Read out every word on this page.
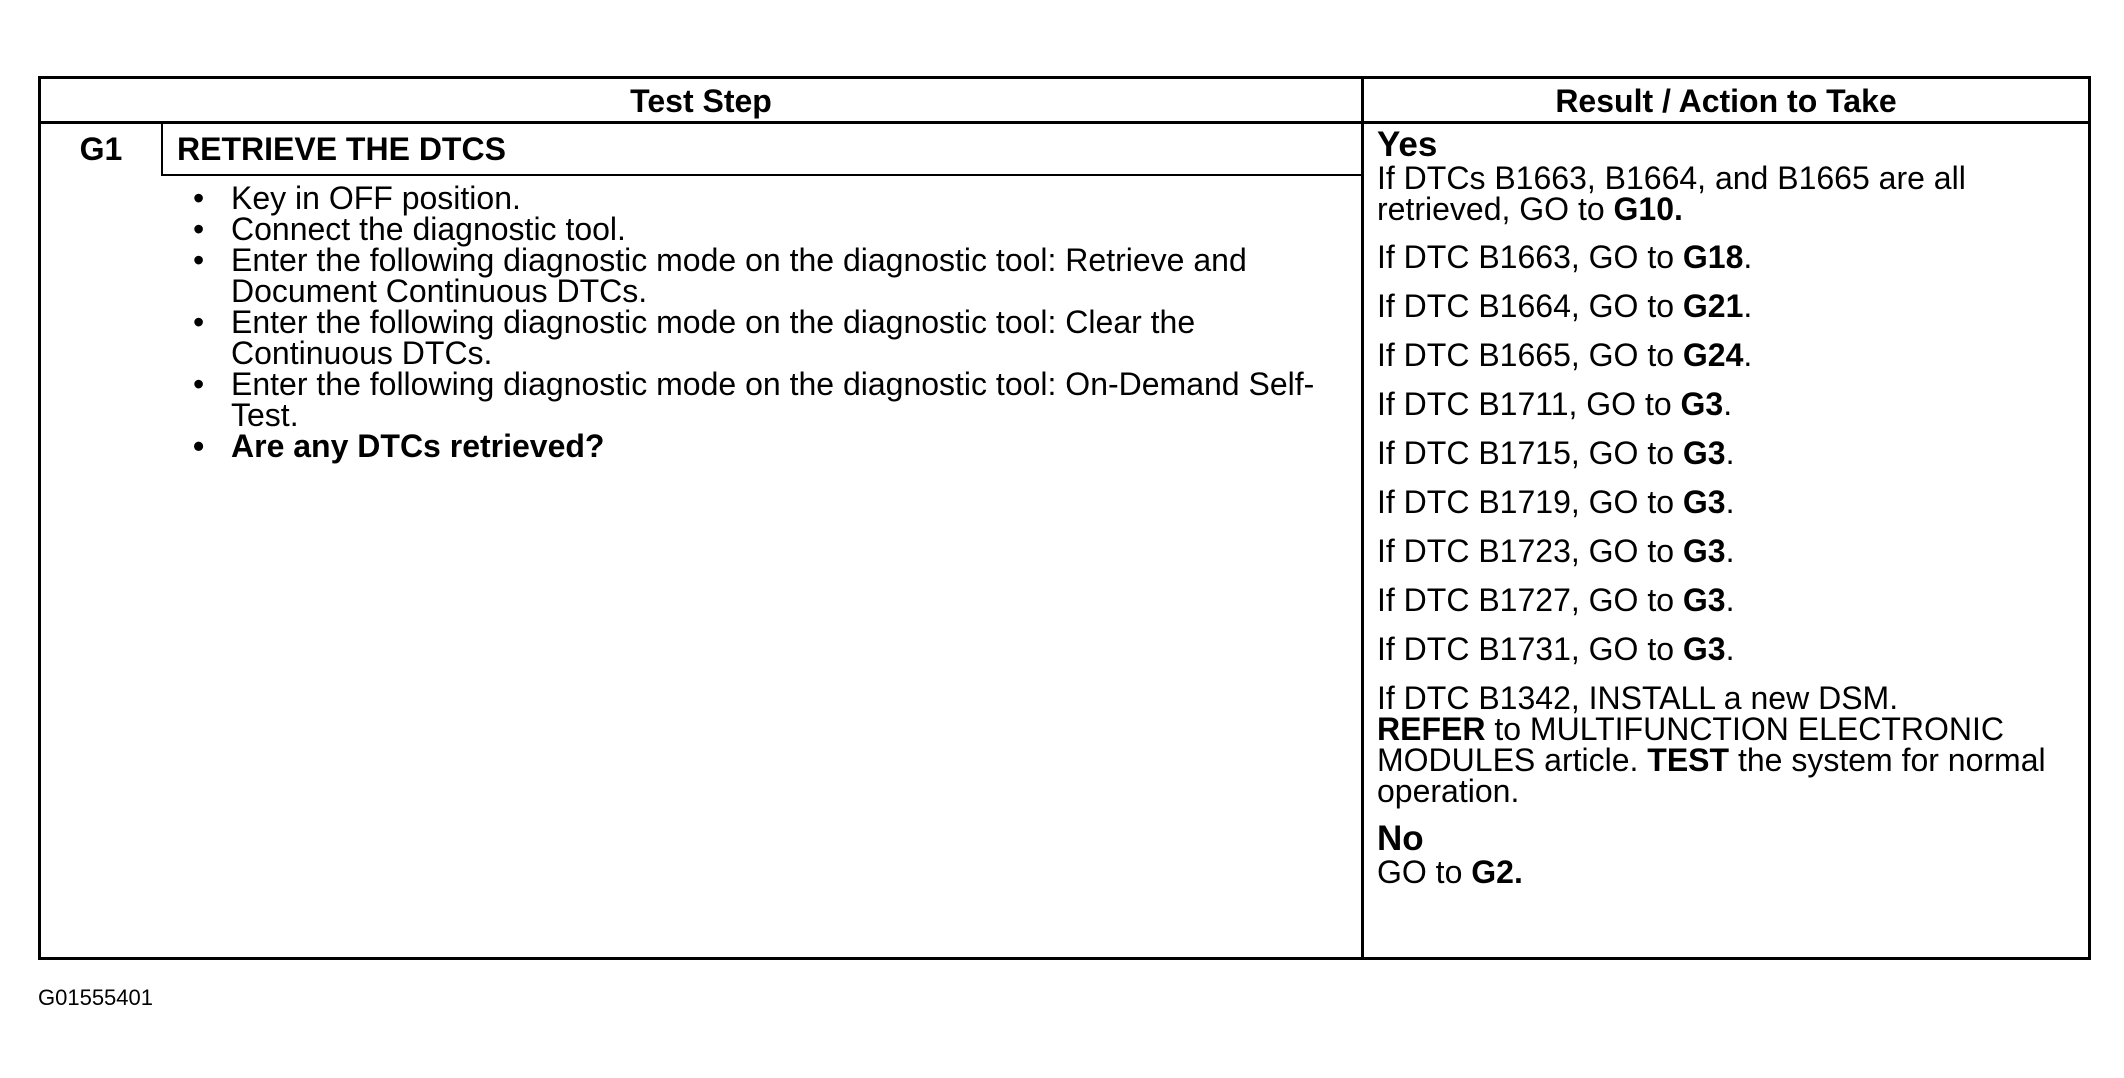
Test Step	Result / Action to Take
G1	RETRIEVE THE DTCS
• Key in OFF position.
• Connect the diagnostic tool.
• Enter the following diagnostic mode on the diagnostic tool: Retrieve and Document Continuous DTCs.
• Enter the following diagnostic mode on the diagnostic tool: Clear the Continuous DTCs.
• Enter the following diagnostic mode on the diagnostic tool: On-Demand Self-Test.
• Are any DTCs retrieved?
Yes

If DTCs B1663, B1664, and B1665 are all retrieved, GO to G10.

If DTC B1663, GO to G18.

If DTC B1664, GO to G21.

If DTC B1665, GO to G24.

If DTC B1711, GO to G3.

If DTC B1715, GO to G3.

If DTC B1719, GO to G3.

If DTC B1723, GO to G3.

If DTC B1727, GO to G3.

If DTC B1731, GO to G3.

If DTC B1342, INSTALL a new DSM.
REFER to MULTIFUNCTION ELECTRONIC MODULES article. TEST the system for normal operation.

No

GO to G2.

G01555401
